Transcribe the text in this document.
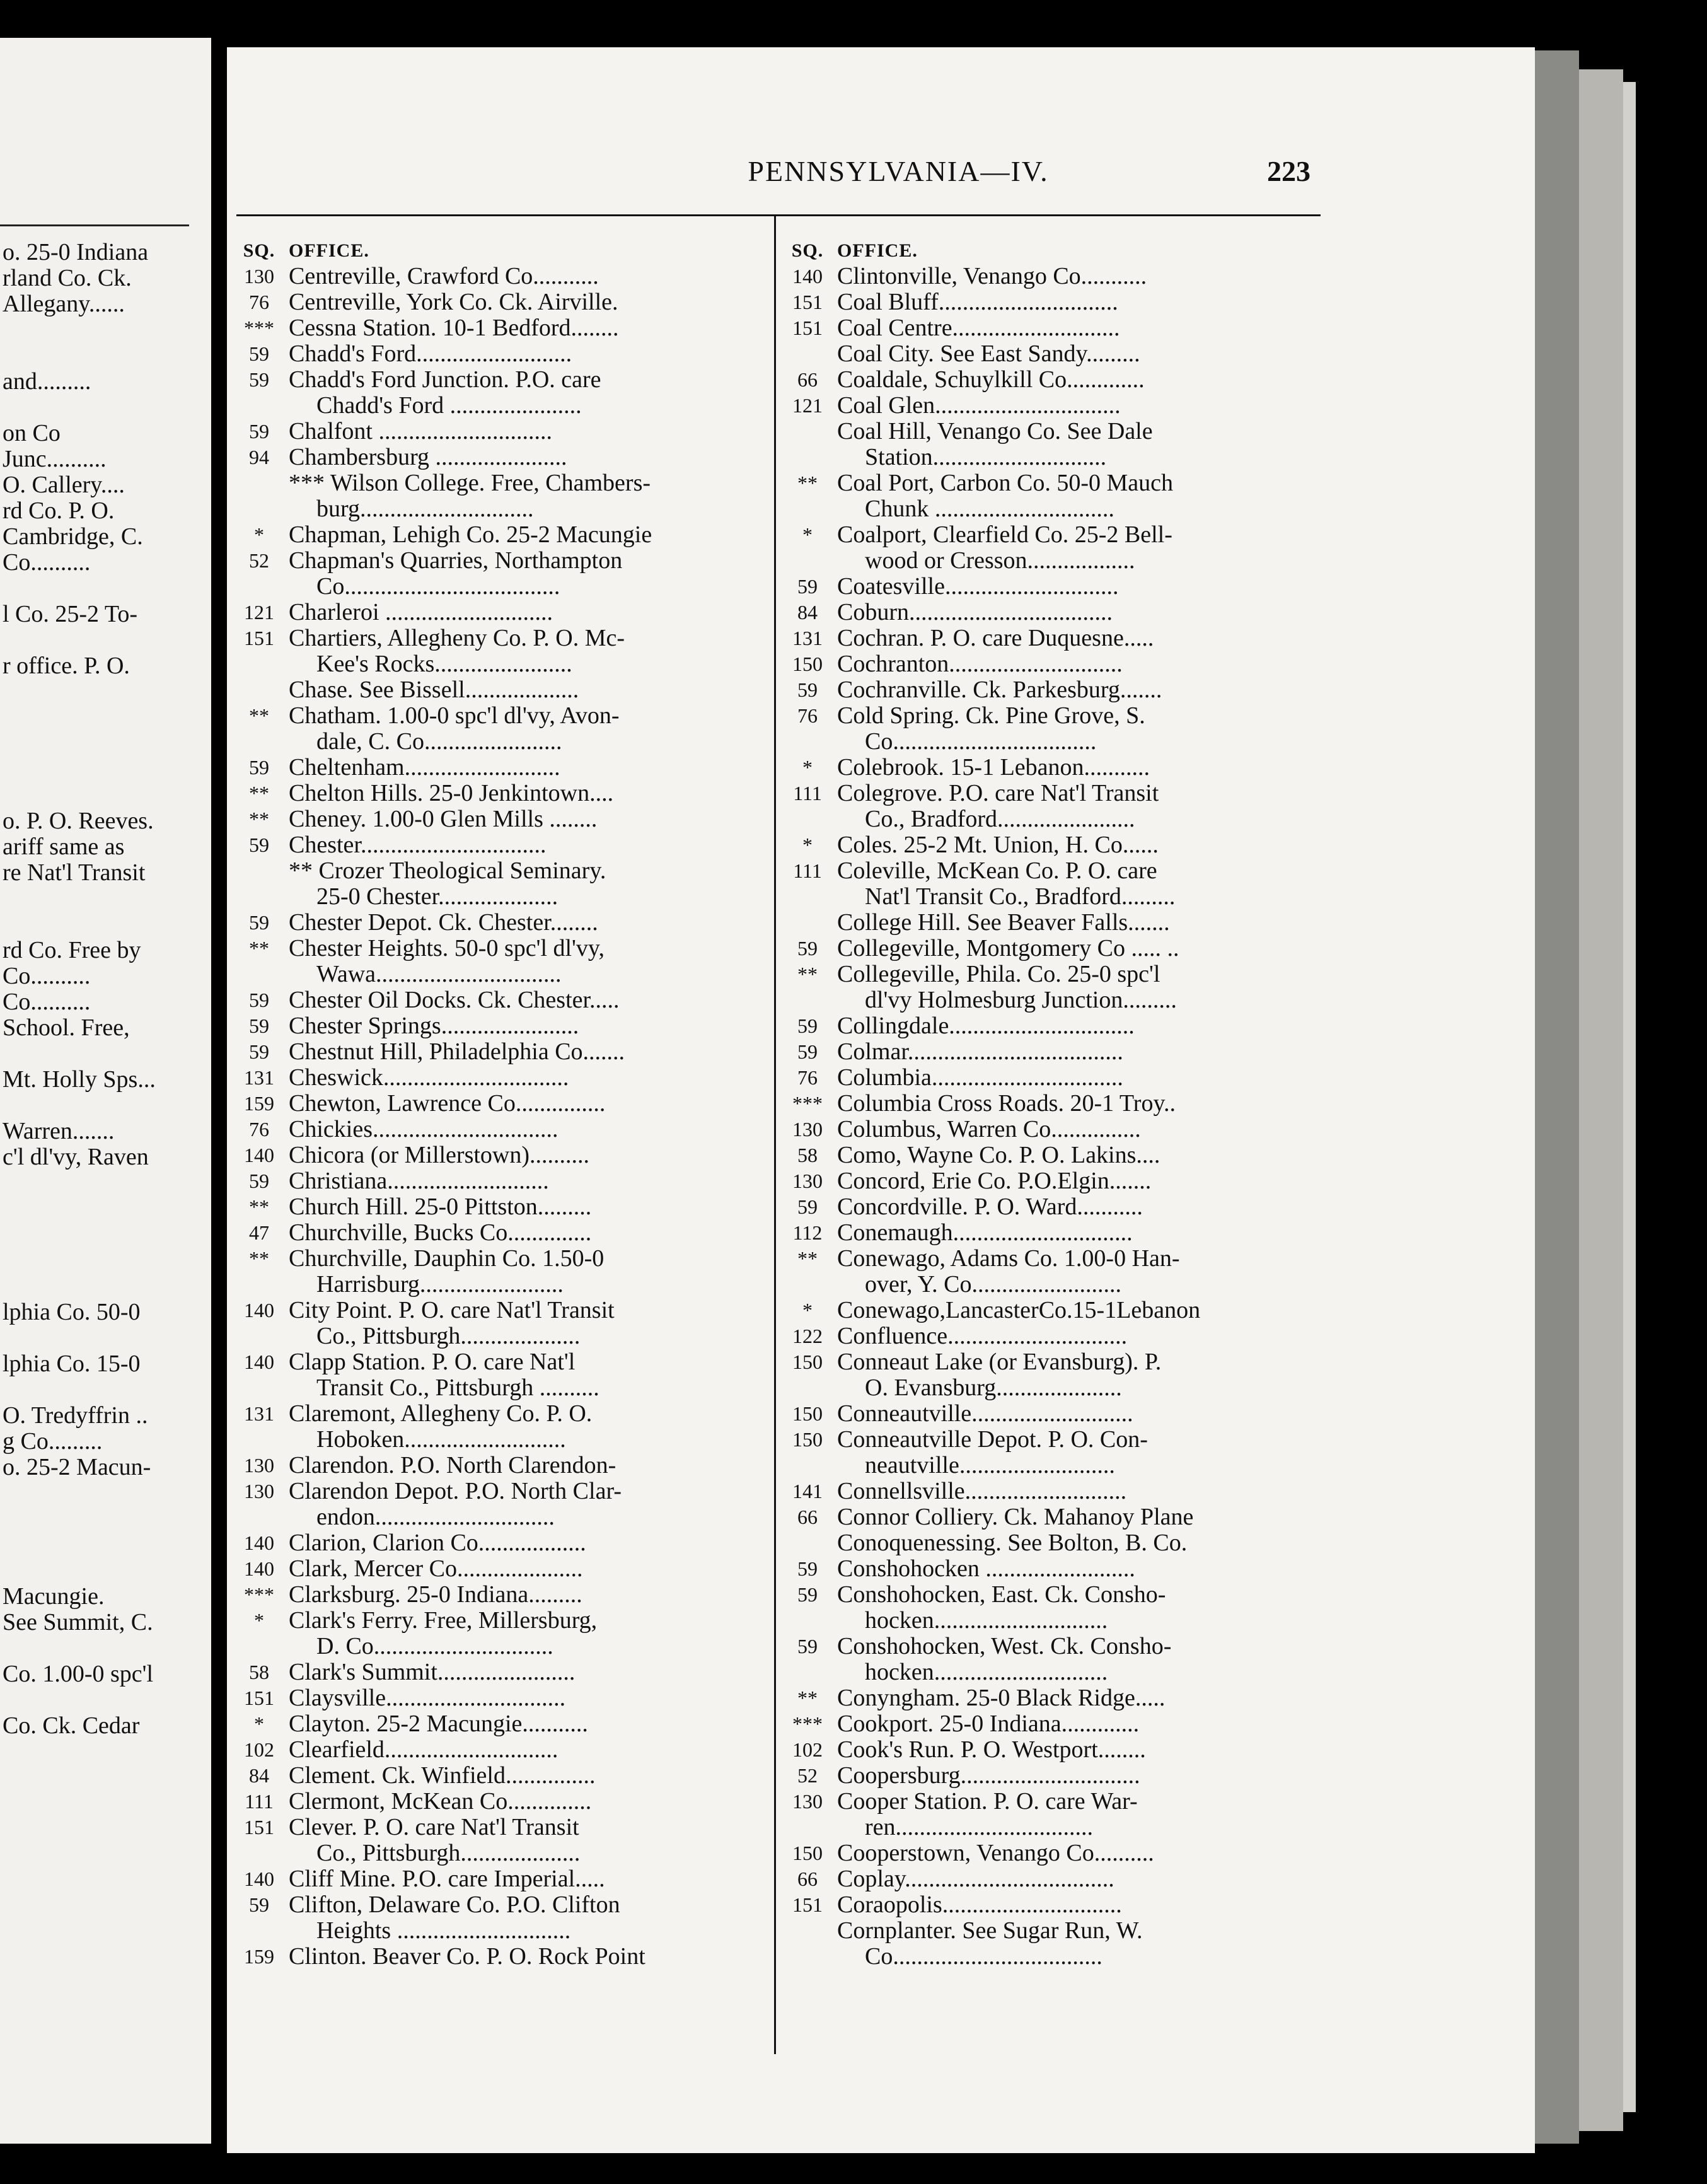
o. 25-0 Indiana
rland Co. Ck.
Allegany......
and.........
on Co
Junc..........
O. Callery....
rd Co. P. O.
Cambridge, C.
Co..........
l Co. 25-2 To-
r office. P. O.
o. P. O. Reeves.
ariff same as
re Nat'l Transit
rd Co. Free by
Co..........
Co..........
School. Free,
Mt. Holly Sps...
Warren.......
c'l dl'vy, Raven
lphia Co. 50-0
lphia Co. 15-0
O. Tredyffrin ..
g Co.........
o. 25-2 Macun-
Macungie.
See Summit, C.
Co. 1.00-0 spc'l
Co. Ck. Cedar
PENNSYLVANIA—IV.	223
SQ. OFFICE.
130 Centreville, Crawford Co...........
76 Centreville, York Co. Ck. Airville.
*** Cessna Station. 10-1 Bedford........
59 Chadd's Ford..........................
59 Chadd's Ford Junction. P.O. care
Chadd's Ford ......................
59 Chalfont .............................
94 Chambersburg ......................
*** Wilson College. Free, Chambers-
burg.............................
*	Chapman, Lehigh Co. 25-2 Macungie
52 Chapman's Quarries, Northampton
Co....................................
121 Charleroi ............................
151 Chartiers, Allegheny Co. P. O. Mc-
Kee's Rocks.......................
Chase. See Bissell...................
** Chatham. 1.00-0 spc'l dl'vy, Avon-
dale, C. Co.......................
59 Cheltenham..........................
** Chelton Hills. 25-0 Jenkintown....
** Cheney. 1.00-0 Glen Mills ........
59 Chester...............................
** Crozer Theological Seminary.
25-0 Chester....................
59 Chester Depot. Ck. Chester........
** Chester Heights. 50-0 spc'l dl'vy,
Wawa...............................
59 Chester Oil Docks. Ck. Chester.....
59 Chester Springs.......................
59 Chestnut Hill, Philadelphia Co.......
131 Cheswick...............................
159 Chewton, Lawrence Co...............
76 Chickies...............................
140 Chicora (or Millerstown)..........
59 Christiana...........................
** Church Hill. 25-0 Pittston.........
47 Churchville, Bucks Co..............
** Churchville, Dauphin Co. 1.50-0
Harrisburg........................
140 City Point. P. O. care Nat'l Transit
Co., Pittsburgh....................
140 Clapp Station. P. O. care Nat'l
Transit Co., Pittsburgh ..........
131 Claremont, Allegheny Co. P. O.
Hoboken...........................
130 Clarendon. P.O. North Clarendon-
130 Clarendon Depot. P.O. North Clar-
endon..............................
140 Clarion, Clarion Co..................
140 Clark, Mercer Co.....................
*** Clarksburg. 25-0 Indiana.........
*	Clark's Ferry. Free, Millersburg,
D. Co..............................
58 Clark's Summit.......................
151 Claysville..............................
*	Clayton. 25-2 Macungie...........
102 Clearfield.............................
84 Clement. Ck. Winfield...............
111 Clermont, McKean Co..............
151 Clever. P. O. care Nat'l Transit
Co., Pittsburgh....................
140 Cliff Mine. P.O. care Imperial.....
59 Clifton, Delaware Co. P.O. Clifton
Heights .............................
159 Clinton. Beaver Co. P. O. Rock Point
SQ. OFFICE.
140 Clintonville, Venango Co...........
151 Coal Bluff..............................
151 Coal Centre............................
Coal City. See East Sandy.........
66 Coaldale, Schuylkill Co.............
121 Coal Glen...............................
Coal Hill, Venango Co. See Dale
Station.............................
** Coal Port, Carbon Co. 50-0 Mauch
Chunk ..............................
*	Coalport, Clearfield Co. 25-2 Bell-
wood or Cresson..................
59 Coatesville.............................
84 Coburn..................................
131 Cochran. P. O. care Duquesne.....
150 Cochranton.............................
59 Cochranville. Ck. Parkesburg.......
76 Cold Spring. Ck. Pine Grove, S.
Co..................................
*	Colebrook. 15-1 Lebanon...........
111 Colegrove. P.O. care Nat'l Transit
Co., Bradford.......................
*	Coles. 25-2 Mt. Union, H. Co......
111 Coleville, McKean Co. P. O. care
Nat'l Transit Co., Bradford.........
College Hill. See Beaver Falls.......
59 Collegeville, Montgomery Co ..... ..
** Collegeville, Phila. Co. 25-0 spc'l
dl'vy Holmesburg Junction.........
59 Collingdale...............................
59 Colmar....................................
76 Columbia................................
*** Columbia Cross Roads. 20-1 Troy..
130 Columbus, Warren Co...............
58 Como, Wayne Co. P. O. Lakins....
130 Concord, Erie Co. P.O.Elgin.......
59 Concordville. P. O. Ward...........
112 Conemaugh..............................
** Conewago, Adams Co. 1.00-0 Han-
over, Y. Co.........................
*	Conewago,LancasterCo.15-1Lebanon
122 Confluence..............................
150 Conneaut Lake (or Evansburg). P.
O. Evansburg.....................
150 Conneautville...........................
150 Conneautville Depot. P. O. Con-
neautville..........................
141 Connellsville...........................
66 Connor Colliery. Ck. Mahanoy Plane
Conoquenessing. See Bolton, B. Co.
59 Conshohocken .........................
59 Conshohocken, East. Ck. Consho-
hocken.............................
59 Conshohocken, West. Ck. Consho-
hocken.............................
** Conyngham. 25-0 Black Ridge.....
*** Cookport. 25-0 Indiana.............
102 Cook's Run. P. O. Westport........
52 Coopersburg..............................
130 Cooper Station. P. O. care War-
ren.................................
150 Cooperstown, Venango Co..........
66 Coplay...................................
151 Coraopolis..............................
Cornplanter. See Sugar Run, W.
Co...................................
